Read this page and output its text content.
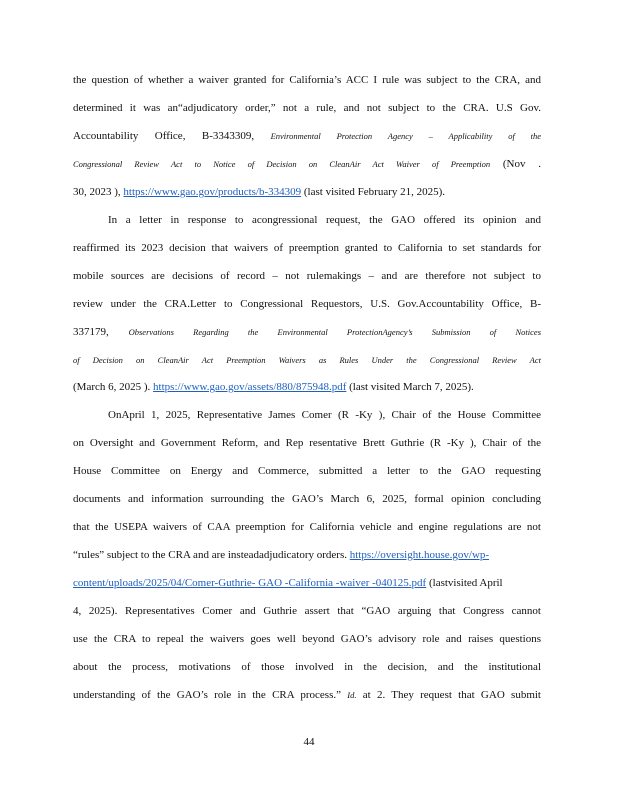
the question of whether a waiver granted for California’s ACC I rule was subject to the CRA, and
determined it was an“adjudicatory order,” not a rule, and not subject to the CRA. U.S Gov.
Accountability Office, B-3343309, Environmental Protection Agency – Applicability of the
Congressional Review Act to Notice of Decision on CleanAir Act Waiver of Preemption (Nov .
30, 2023 ), https://www.gao.gov/products/b-334309 (last visited February 21, 2025).
In a letter in response to acongressional request, the GAO offered its opinion and
reaffirmed its 2023 decision that waivers of preemption granted to California to set standards for
mobile sources are decisions of record – not rulemakings – and are therefore not subject to
review under the CRA.Letter to Congressional Requestors, U.S. Gov.Accountability Office, B-
337179, Observations Regarding the Environmental ProtectionAgency’s Submission of Notices
of Decision on CleanAir Act Preemption Waivers as Rules Under the Congressional Review Act
(March 6, 2025 ). https://www.gao.gov/assets/880/875948.pdf (last visited March 7, 2025).
OnApril 1, 2025, Representative James Comer (R -Ky ), Chair of the House Committee
on Oversight and Government Reform, and Rep resentative Brett Guthrie (R -Ky ), Chair of the
House Committee on Energy and Commerce, submitted a letter to the GAO requesting
documents and information surrounding the GAO’s March 6, 2025, formal opinion concluding
that the USEPA waivers of CAA preemption for California vehicle and engine regulations are not
“rules” subject to the CRA and are insteadadjudicatory orders. https://oversight.house.gov/wp-
content/uploads/2025/04/Comer-Guthrie- GAO -California -waiver -040125.pdf (lastvisited April
4, 2025). Representatives Comer and Guthrie assert that “GAO arguing that Congress cannot
use the CRA to repeal the waivers goes well beyond GAO’s advisory role and raises questions
about the process, motivations of those involved in the decision, and the institutional
understanding of the GAO’s role in the CRA process.” Id. at 2. They request that GAO submit
44
